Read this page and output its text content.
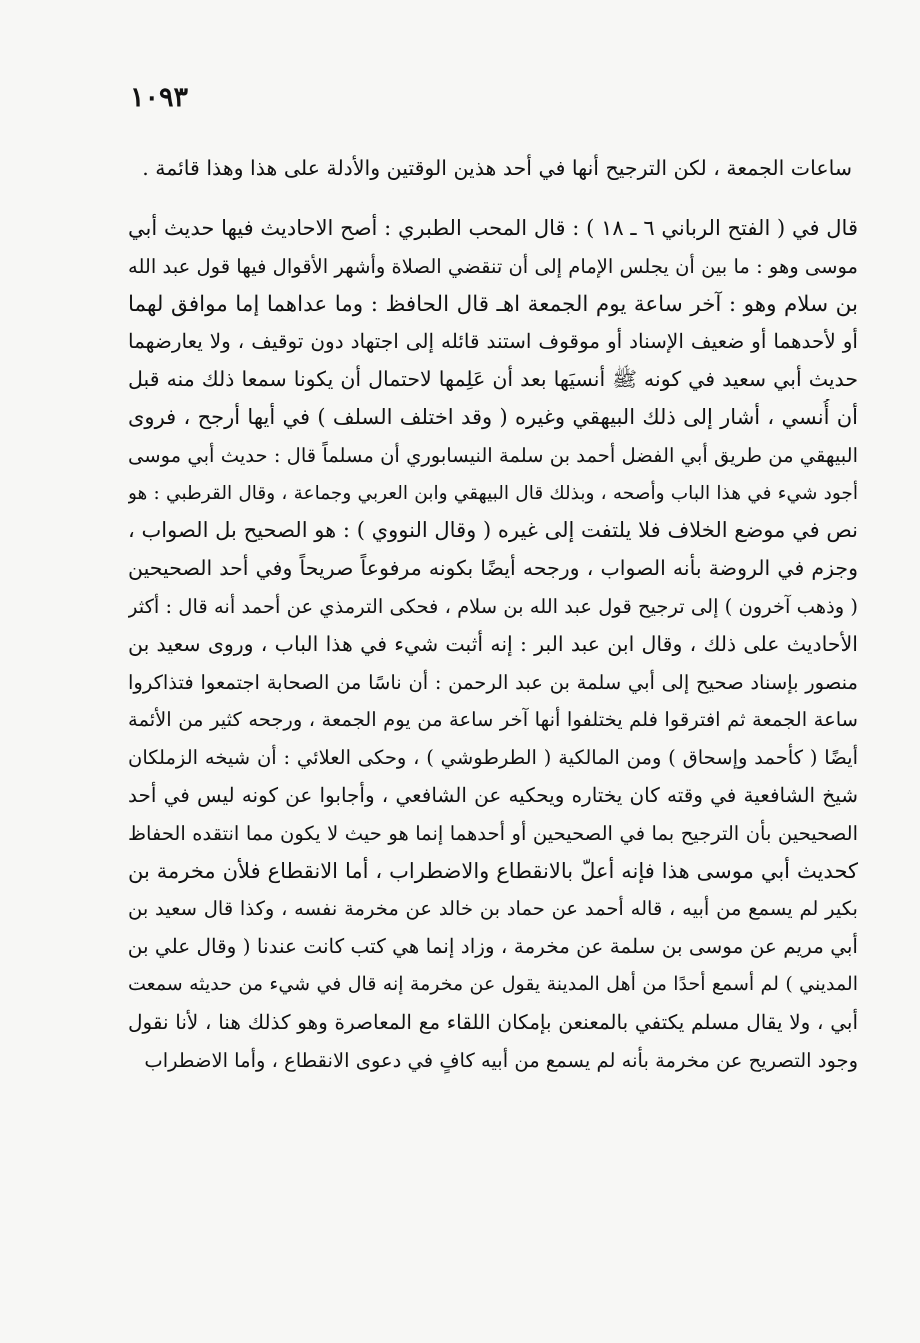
١٠٩٣
ساعات الجمعة ، لكن الترجيح أنها في أحد هذين الوقتين والأدلة على هذا وهذا قائمة .
قال في ( الفتح الرباني ٦ ـ ١٨ ) : قال المحب الطبري : أصح الاحاديث فيها حديث أبي
موسى وهو : ما بين أن يجلس الإمام إلى أن تنقضي الصلاة وأشهر الأقوال فيها قول عبد الله
بن سلام وهو : آخر ساعة يوم الجمعة اهـ قال الحافظ : وما عداهما إما موافق لهما
أو لأحدهما أو ضعيف الإسناد أو موقوف استند قائله إلى اجتهاد دون توقيف ، ولا يعارضهما
حديث أبي سعيد في كونه ﷺ أنسيَها بعد أن عَلِمها لاحتمال أن يكونا سمعا ذلك منه قبل
أن أُنسي ، أشار إلى ذلك البيهقي وغيره ( وقد اختلف السلف ) في أيها أرجح ، فروى
البيهقي من طريق أبي الفضل أحمد بن سلمة النيسابوري أن مسلماً قال : حديث أبي موسى
أجود شيء في هذا الباب وأصحه ، وبذلك قال البيهقي وابن العربي وجماعة ، وقال القرطبي : هو
نص في موضع الخلاف فلا يلتفت إلى غيره ( وقال النووي ) : هو الصحيح بل الصواب ،
وجزم في الروضة بأنه الصواب ، ورجحه أيضًا بكونه مرفوعاً صريحاً وفي أحد الصحيحين
( وذهب آخرون ) إلى ترجيح قول عبد الله بن سلام ، فحكى الترمذي عن أحمد أنه قال : أكثر
الأحاديث على ذلك ، وقال ابن عبد البر : إنه أثبت شيء في هذا الباب ، وروى سعيد بن
منصور بإسناد صحيح إلى أبي سلمة بن عبد الرحمن : أن ناسًا من الصحابة اجتمعوا فتذاكروا
ساعة الجمعة ثم افترقوا فلم يختلفوا أنها آخر ساعة من يوم الجمعة ، ورجحه كثير من الأئمة
أيضًا ( كأحمد وإسحاق ) ومن المالكية ( الطرطوشي ) ، وحكى العلائي : أن شيخه الزملكان
شيخ الشافعية في وقته كان يختاره ويحكيه عن الشافعي ، وأجابوا عن كونه ليس في أحد
الصحيحين بأن الترجيح بما في الصحيحين أو أحدهما إنما هو حيث لا يكون مما انتقده الحفاظ
كحديث أبي موسى هذا فإنه أعلّ بالانقطاع والاضطراب ، أما الانقطاع فلأن مخرمة بن
بكير لم يسمع من أبيه ، قاله أحمد عن حماد بن خالد عن مخرمة نفسه ، وكذا قال سعيد بن
أبي مريم عن موسى بن سلمة عن مخرمة ، وزاد إنما هي كتب كانت عندنا ( وقال علي بن
المديني ) لم أسمع أحدًا من أهل المدينة يقول عن مخرمة إنه قال في شيء من حديثه سمعت
أبي ، ولا يقال مسلم يكتفي بالمعنعن بإمكان اللقاء مع المعاصرة وهو كذلك هنا ، لأنا نقول
وجود التصريح عن مخرمة بأنه لم يسمع من أبيه كافٍ في دعوى الانقطاع ، وأما الاضطراب
